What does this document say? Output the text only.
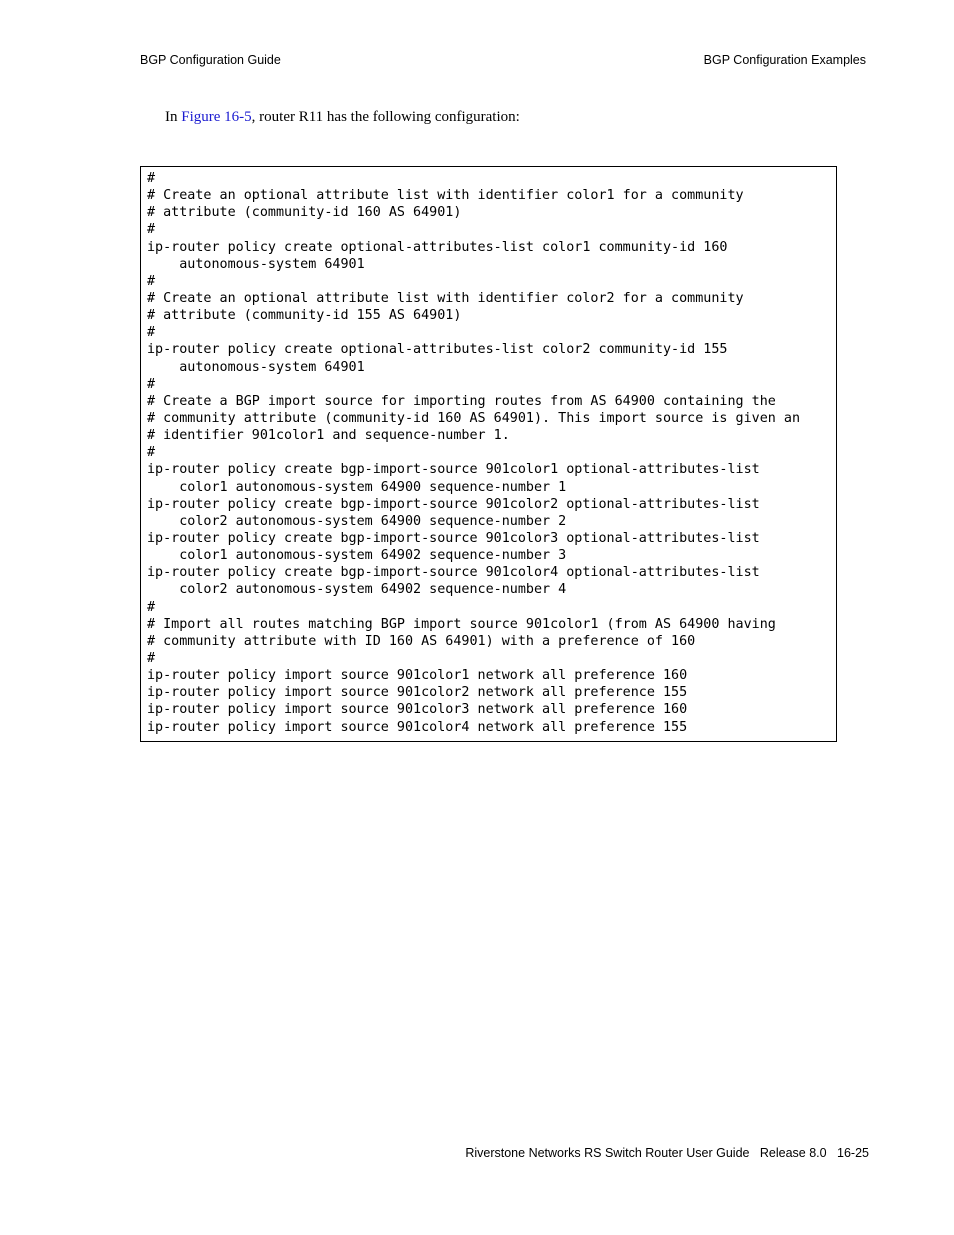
BGP Configuration Guide	BGP Configuration Examples
In Figure 16-5, router R11 has the following configuration:
#
# Create an optional attribute list with identifier color1 for a community
# attribute (community-id 160 AS 64901)
#
ip-router policy create optional-attributes-list color1 community-id 160
autonomous-system 64901
#
# Create an optional attribute list with identifier color2 for a community
# attribute (community-id 155 AS 64901)
#
ip-router policy create optional-attributes-list color2 community-id 155
autonomous-system 64901
#
# Create a BGP import source for importing routes from AS 64900 containing the
# community attribute (community-id 160 AS 64901). This import source is given an
# identifier 901color1 and sequence-number 1.
#
ip-router policy create bgp-import-source 901color1 optional-attributes-list
color1 autonomous-system 64900 sequence-number 1
ip-router policy create bgp-import-source 901color2 optional-attributes-list
color2 autonomous-system 64900 sequence-number 2
ip-router policy create bgp-import-source 901color3 optional-attributes-list
color1 autonomous-system 64902 sequence-number 3
ip-router policy create bgp-import-source 901color4 optional-attributes-list
color2 autonomous-system 64902 sequence-number 4
#
# Import all routes matching BGP import source 901color1 (from AS 64900 having
# community attribute with ID 160 AS 64901) with a preference of 160
#
ip-router policy import source 901color1 network all preference 160
ip-router policy import source 901color2 network all preference 155
ip-router policy import source 901color3 network all preference 160
ip-router policy import source 901color4 network all preference 155
Riverstone Networks RS Switch Router User Guide   Release 8.0   16-25
